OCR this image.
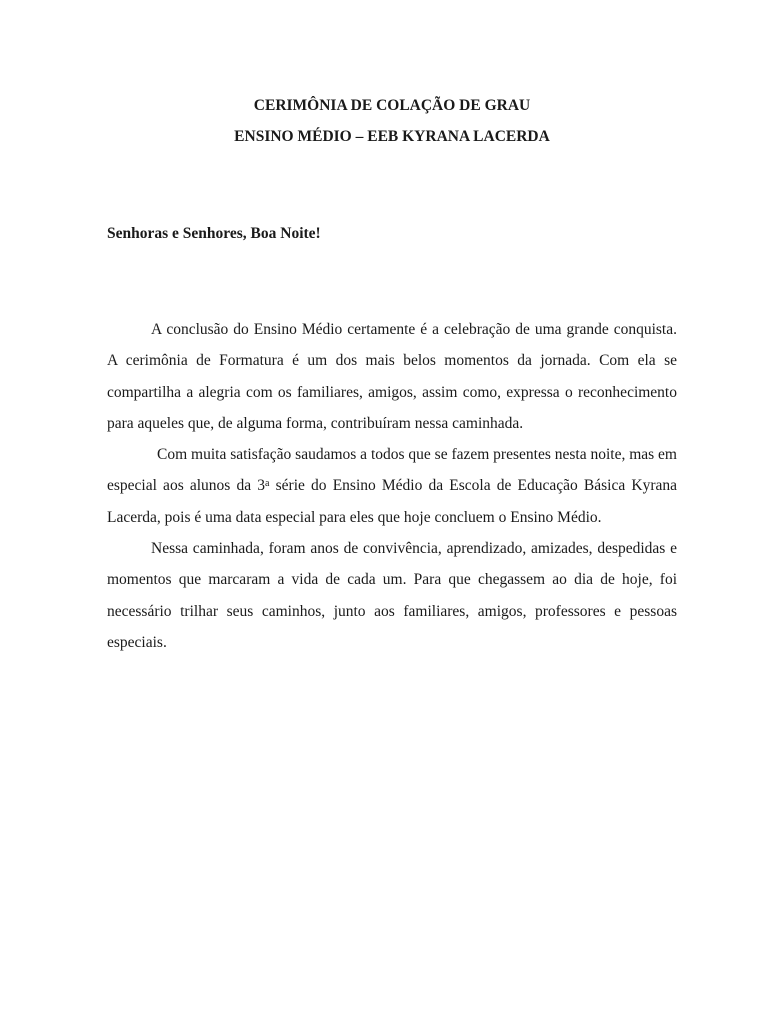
CERIMÔNIA DE COLAÇÃO DE GRAU

ENSINO MÉDIO – EEB KYRANA LACERDA

Senhoras e Senhores, Boa Noite!

A conclusão do Ensino Médio certamente é a celebração de uma grande conquista. A cerimônia de Formatura é um dos mais belos momentos da jornada. Com ela se compartilha a alegria com os familiares, amigos, assim como, expressa o reconhecimento para aqueles que, de alguma forma, contribuíram nessa caminhada.

Com muita satisfação saudamos a todos que se fazem presentes nesta noite, mas em especial aos alunos da 3$^a$ série do Ensino Médio da Escola de Educação Básica Kyrana Lacerda, pois é uma data especial para eles que hoje concluem o Ensino Médio.

Nessa caminhada, foram anos de convivência, aprendizado, amizades, despedidas e momentos que marcaram a vida de cada um. Para que chegassem ao dia de hoje, foi necessário trilhar seus caminhos, junto aos familiares, amigos, professores e pessoas especiais.
